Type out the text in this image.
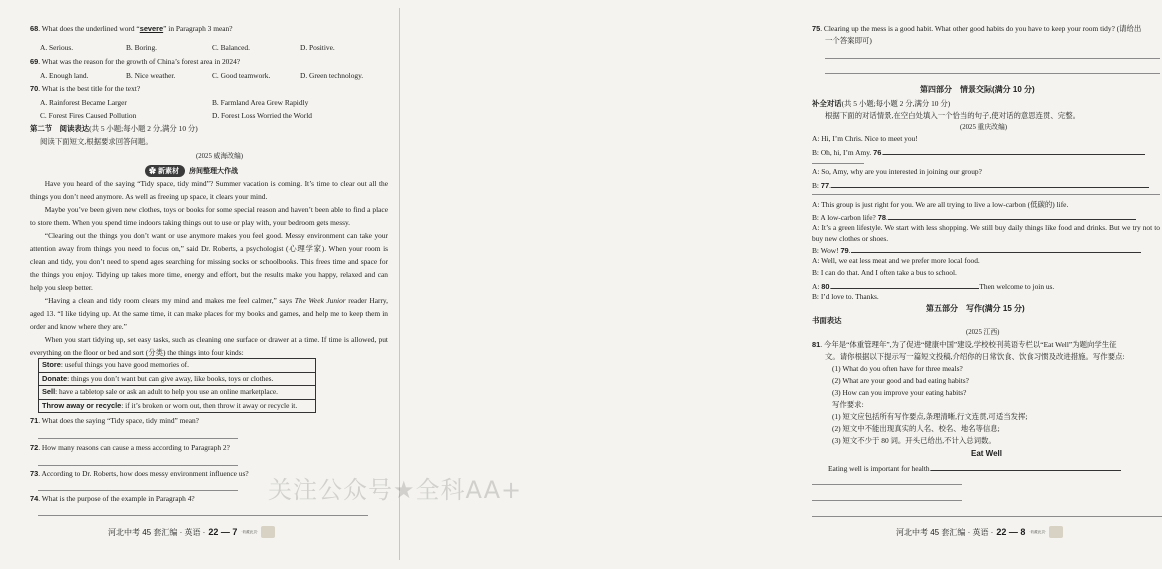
68. What does the underlined word “severe” in Paragraph 3 mean?
A. Serious.	B. Boring.	C. Balanced.	D. Positive.
69. What was the reason for the growth of China’s forest area in 2024?
A. Enough land.	B. Nice weather.	C. Good teamwork.	D. Green technology.
70. What is the best title for the text?
A. Rainforest Became Larger	B. Farmland Area Grew Rapidly
C. Forest Fires Caused Pollution	D. Forest Loss Worried the World
第二节　阅读表达(共 5 小题;每小题 2 分,满分 10 分)
阅读下面短文,根据要求回答问题。
(2025 威海改编)
✿ 新素材	房间整理大作战
Have you heard of the saying “Tidy space, tidy mind”? Summer vacation is coming. It’s time to clear out all the things you don’t need anymore. As well as freeing up space, it clears your mind.
Maybe you’ve been given new clothes, toys or books for some special reason and haven’t been able to find a place to store them. When you spend time indoors taking things out to use or play with, your bedroom gets messy.
“Clearing out the things you don’t want or use anymore makes you feel good. Messy environment can take your attention away from things you need to focus on,” said Dr. Roberts, a psychologist (心理学家). When your room is clean and tidy, you don’t need to spend ages searching for missing socks or schoolbooks. This frees time and space for the things you enjoy. Tidying up takes more time, energy and effort, but the results make you happy, relaxed and can help you sleep better.
“Having a clean and tidy room clears my mind and makes me feel calmer,” says The Week Junior reader Harry, aged 13. “I like tidying up. At the same time, it can make places for my books and games, and help me to keep them in order and know where they are.”
When you start tidying up, set easy tasks, such as cleaning one surface or drawer at a time. If time is allowed, put everything on the floor or bed and sort (分类) the things into four kinds:
Store: useful things you have good memories of.
Donate: things you don’t want but can give away, like books, toys or clothes.
Sell: have a tabletop sale or ask an adult to help you use an online marketplace.
Throw away or recycle: if it’s broken or worn out, then throw it away or recycle it.
71. What does the saying “Tidy space, tidy mind” mean?
72. How many reasons can cause a mess according to Paragraph 2?
73. According to Dr. Roberts, how does messy environment influence us?
74. What is the purpose of the example in Paragraph 4?
河北中考 45 套汇编 · 英语 · 22 — 7 ·收藏此页·
75. Clearing up the mess is a good habit. What other good habits do you have to keep your room tidy? (请给出
一个答案即可)
第四部分　情景交际(满分 10 分)
补全对话(共 5 小题;每小题 2 分,满分 10 分)
根据下面的对话情景,在空白处填入一个恰当的句子,使对话的意思连贯、完整。
(2025 重庆改编)
A: Hi, I’m Chris. Nice to meet you!
B: Oh, hi, I’m Amy. 76.
A: So, Amy, why are you interested in joining our group?
B: 77.
A: This group is just right for you. We are all trying to live a low-carbon (低碳的) life.
B: A low-carbon life? 78.
A: It’s a green lifestyle. We start with less shopping. We still buy daily things like food and drinks. But we try not to buy new clothes or shoes.
B: Wow! 79.
A: Well, we eat less meat and we prefer more local food.
B: I can do that. And I often take a bus to school.
A: 80.	Then welcome to join us.
B: I’d love to. Thanks.
第五部分　写作(满分 15 分)
书面表达
(2025 江西)
81. 今年是“体重管理年”,为了促进“健康中国”建设,学校校刊英语专栏以“Eat Well”为题向学生征
文。请你根据以下提示写一篇短文投稿,介绍你的日常饮食、饮食习惯及改进措施。写作要点:
(1) What do you often have for three meals?
(2) What are your good and bad eating habits?
(3) How can you improve your eating habits?
写作要求:
(1) 短文应包括所有写作要点,条理清晰,行文连贯,可适当发挥;
(2) 短文中不能出现真实的人名、校名、地名等信息;
(3) 短文不少于 80 词。开头已给出,不计入总词数。
Eat Well
Eating well is important for health.
河北中考 45 套汇编 · 英语 · 22 — 8 ·收藏此页·
关注公众号★全科AA+
